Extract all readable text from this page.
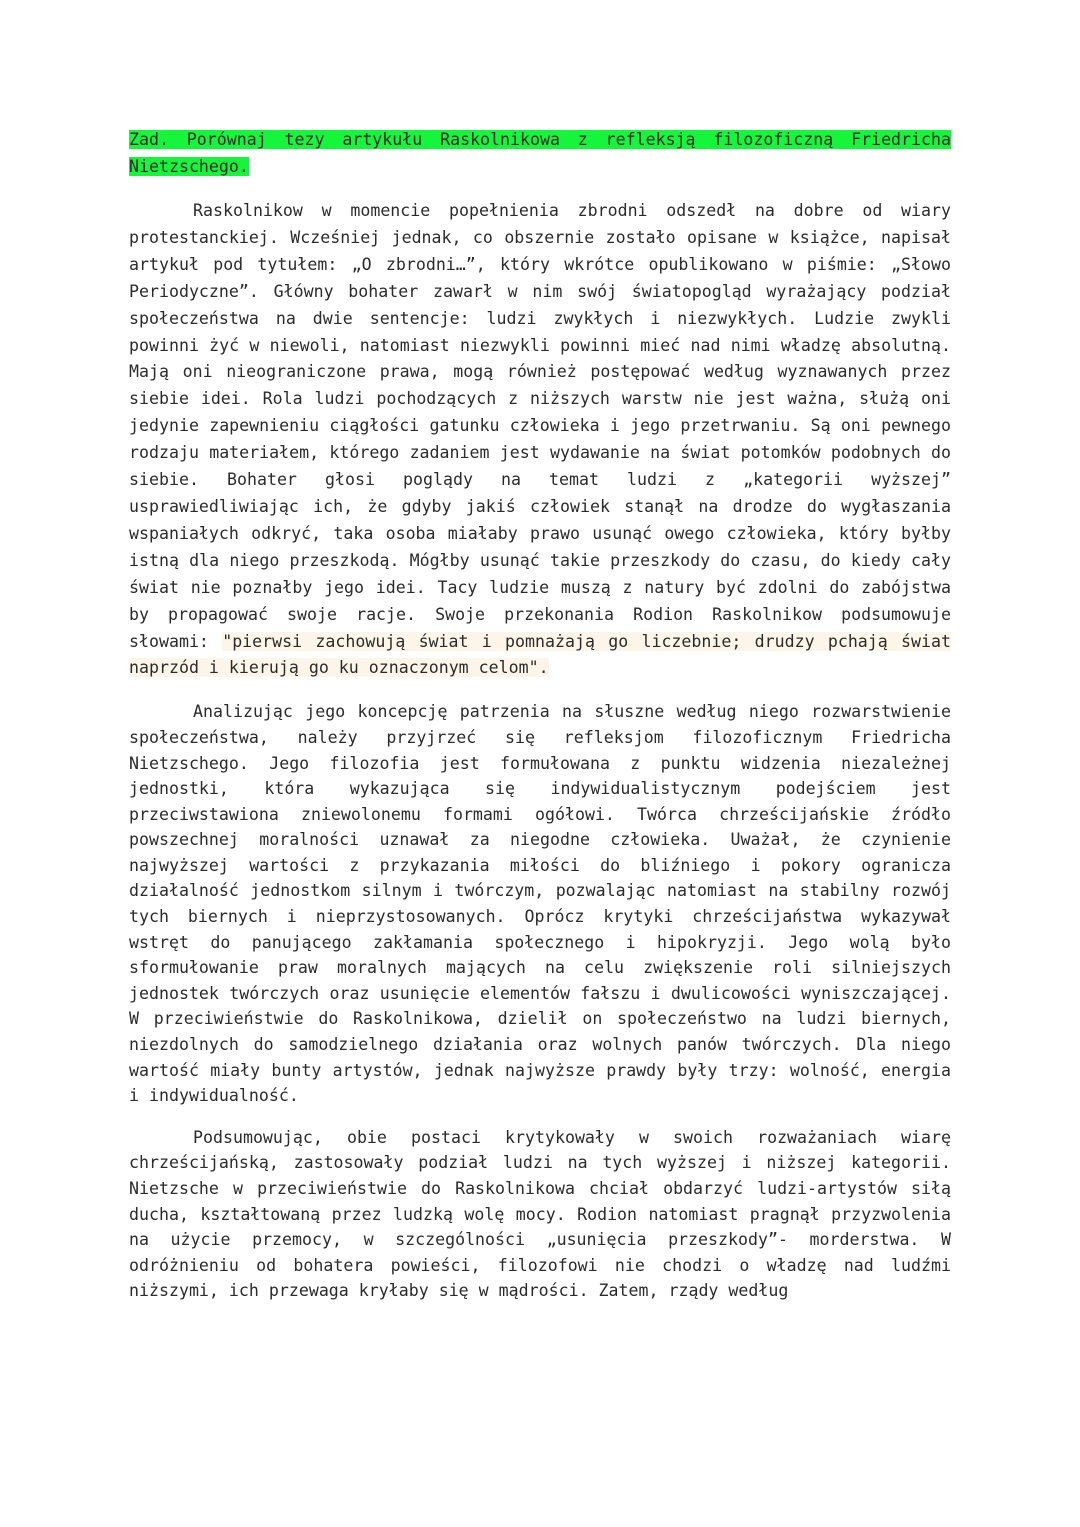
Zad. Porównaj tezy artykułu Raskolnikowa z refleksją filozoficzną Friedricha Nietzschego.

Raskolnikow w momencie popełnienia zbrodni odszedł na dobre od wiary protestanckiej. Wcześniej jednak, co obszernie zostało opisane w książce, napisał artykuł pod tytułem: „O zbrodni…”, który wkrótce opublikowano w piśmie: „Słowo Periodyczne”. Główny bohater zawarł w nim swój światopogląd wyrażający podział społeczeństwa na dwie sentencje: ludzi zwykłych i niezwykłych. Ludzie zwykli powinni żyć w niewoli, natomiast niezwykli powinni mieć nad nimi władzę absolutną. Mają oni nieograniczone prawa, mogą również postępować według wyznawanych przez siebie idei. Rola ludzi pochodzących z niższych warstw nie jest ważna, służą oni jedynie zapewnieniu ciągłości gatunku człowieka i jego przetrwaniu. Są oni pewnego rodzaju materiałem, którego zadaniem jest wydawanie na świat potomków podobnych do siebie. Bohater głosi poglądy na temat ludzi z „kategorii wyższej” usprawiedliwiając ich, że gdyby jakiś człowiek stanął na drodze do wygłaszania wspaniałych odkryć, taka osoba miałaby prawo usunąć owego człowieka, który byłby istną dla niego przeszkodą. Mógłby usunąć takie przeszkody do czasu, do kiedy cały świat nie poznałby jego idei. Tacy ludzie muszą z natury być zdolni do zabójstwa by propagować swoje racje. Swoje przekonania Rodion Raskolnikow podsumowuje słowami: "pierwsi zachowują świat i pomnażają go liczebnie; drudzy pchają świat naprzód i kierują go ku oznaczonym celom".

Analizując jego koncepcję patrzenia na słuszne według niego rozwarstwienie społeczeństwa, należy przyjrzeć się refleksjom filozoficznym Friedricha Nietzschego. Jego filozofia jest formułowana z punktu widzenia niezależnej jednostki, która wykazująca się indywidualistycznym podejściem jest przeciwstawiona zniewolonemu formami ogółowi. Twórca chrześcijańskie źródło powszechnej moralności uznawał za niegodne człowieka. Uważał, że czynienie najwyższej wartości z przykazania miłości do bliźniego i pokory ogranicza działalność jednostkom silnym i twórczym, pozwalając natomiast na stabilny rozwój tych biernych i nieprzystosowanych. Oprócz krytyki chrześcijaństwa wykazywał wstręt do panującego zakłamania społecznego i hipokryzji. Jego wolą było sformułowanie praw moralnych mających na celu zwiększenie roli silniejszych jednostek twórczych oraz usunięcie elementów fałszu i dwulicowości wyniszczającej. W przeciwieństwie do Raskolnikowa, dzielił on społeczeństwo na ludzi biernych, niezdolnych do samodzielnego działania oraz wolnych panów twórczych. Dla niego wartość miały bunty artystów, jednak najwyższe prawdy były trzy: wolność, energia i indywidualność.

Podsumowując, obie postaci krytykowały w swoich rozważaniach wiarę chrześcijańską, zastosowały podział ludzi na tych wyższej i niższej kategorii. Nietzsche w przeciwieństwie do Raskolnikowa chciał obdarzyć ludzi-artystów siłą ducha, kształtowaną przez ludzką wolę mocy. Rodion natomiast pragnął przyzwolenia na użycie przemocy, w szczególności „usunięcia przeszkody”- morderstwa. W odróżnieniu od bohatera powieści, filozofowi nie chodzi o władzę nad ludźmi niższymi, ich przewaga kryłaby się w mądrości. Zatem, rządy według
